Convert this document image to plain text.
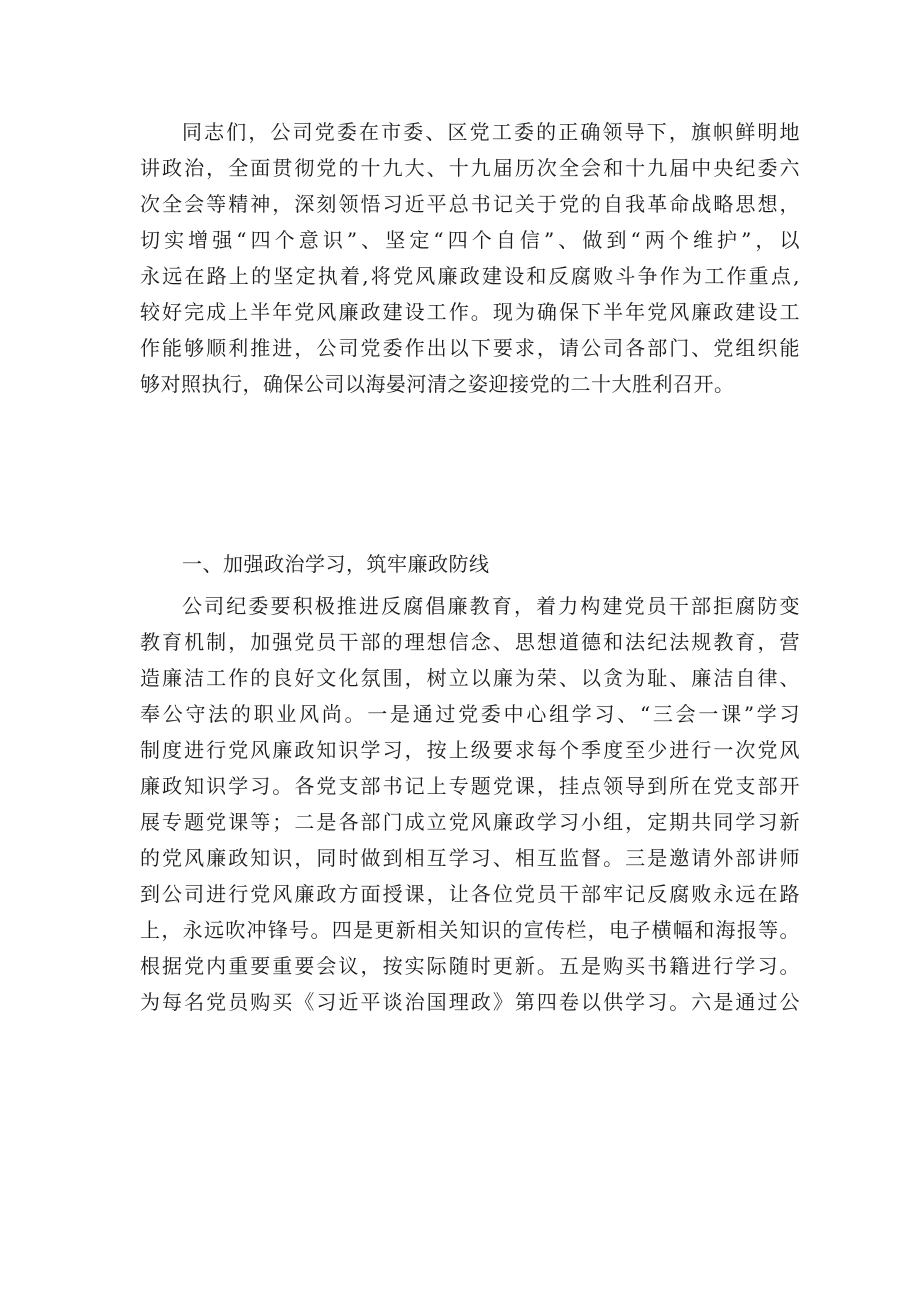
同志们，公司党委在市委、区党工委的正确领导下，旗帜鲜明地
讲政治，全面贯彻党的十九大、十九届历次全会和十九届中央纪委六
次全会等精神，深刻领悟习近平总书记关于党的自我革命战略思想，
切实增强“四个意识”、坚定“四个自信”、做到“两个维护”，以
永远在路上的坚定执着,将党风廉政建设和反腐败斗争作为工作重点,
较好完成上半年党风廉政建设工作。现为确保下半年党风廉政建设工
作能够顺利推进，公司党委作出以下要求，请公司各部门、党组织能
够对照执行，确保公司以海晏河清之姿迎接党的二十大胜利召开。
一、加强政治学习，筑牢廉政防线
公司纪委要积极推进反腐倡廉教育，着力构建党员干部拒腐防变
教育机制，加强党员干部的理想信念、思想道德和法纪法规教育，营
造廉洁工作的良好文化氛围，树立以廉为荣、以贪为耻、廉洁自律、
奉公守法的职业风尚。一是通过党委中心组学习、“三会一课”学习
制度进行党风廉政知识学习，按上级要求每个季度至少进行一次党风
廉政知识学习。各党支部书记上专题党课，挂点领导到所在党支部开
展专题党课等；二是各部门成立党风廉政学习小组，定期共同学习新
的党风廉政知识，同时做到相互学习、相互监督。三是邀请外部讲师
到公司进行党风廉政方面授课，让各位党员干部牢记反腐败永远在路
上，永远吹冲锋号。四是更新相关知识的宣传栏，电子横幅和海报等。
根据党内重要重要会议，按实际随时更新。五是购买书籍进行学习。
为每名党员购买《习近平谈治国理政》第四卷以供学习。六是通过公
